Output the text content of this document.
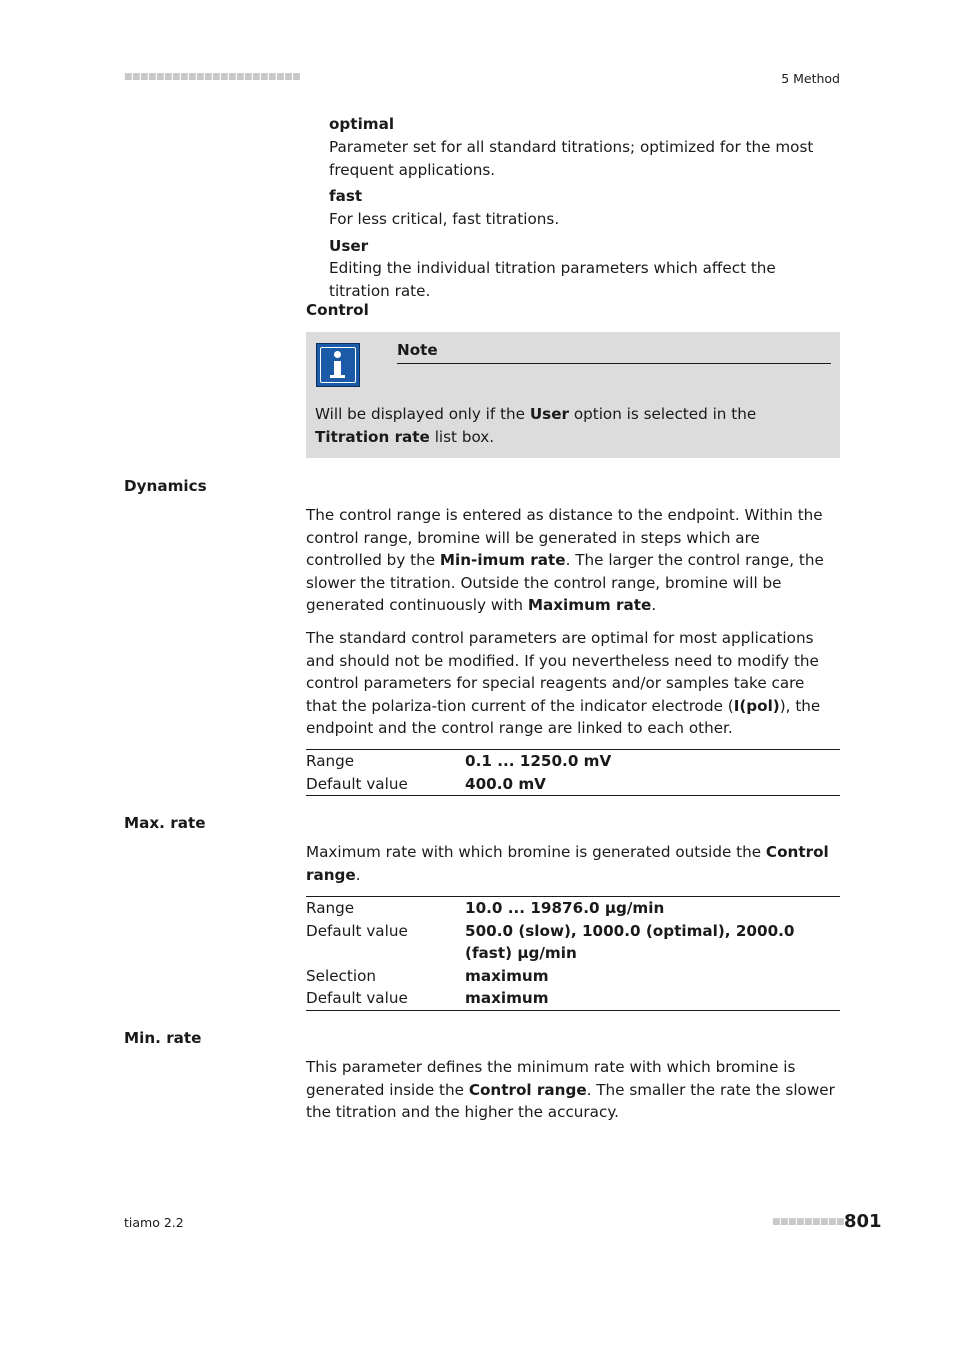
■■■■■■■■■■■■■■■■■■■■■■	5 Method
optimal
Parameter set for all standard titrations; optimized for the most frequent applications.
fast
For less critical, fast titrations.
User
Editing the individual titration parameters which affect the titration rate.
Control
Note
Will be displayed only if the User option is selected in the Titration rate list box.
Dynamics
The control range is entered as distance to the endpoint. Within the control range, bromine will be generated in steps which are controlled by the Min-imum rate. The larger the control range, the slower the titration. Outside the control range, bromine will be generated continuously with Maximum rate.
The standard control parameters are optimal for most applications and should not be modified. If you nevertheless need to modify the control parameters for special reagents and/or samples take care that the polariza-tion current of the indicator electrode (I(pol)), the endpoint and the control range are linked to each other.
Range	0.1 ... 1250.0 mV
Default value	400.0 mV
Max. rate
Maximum rate with which bromine is generated outside the Control range.
Range	10.0 ... 19876.0 µg/min
Default value	500.0 (slow), 1000.0 (optimal), 2000.0 (fast) µg/min
Selection	maximum
Default value	maximum
Min. rate
This parameter defines the minimum rate with which bromine is generated inside the Control range. The smaller the rate the slower the titration and the higher the accuracy.
tiamo 2.2	■■■■■■■■■ 801
